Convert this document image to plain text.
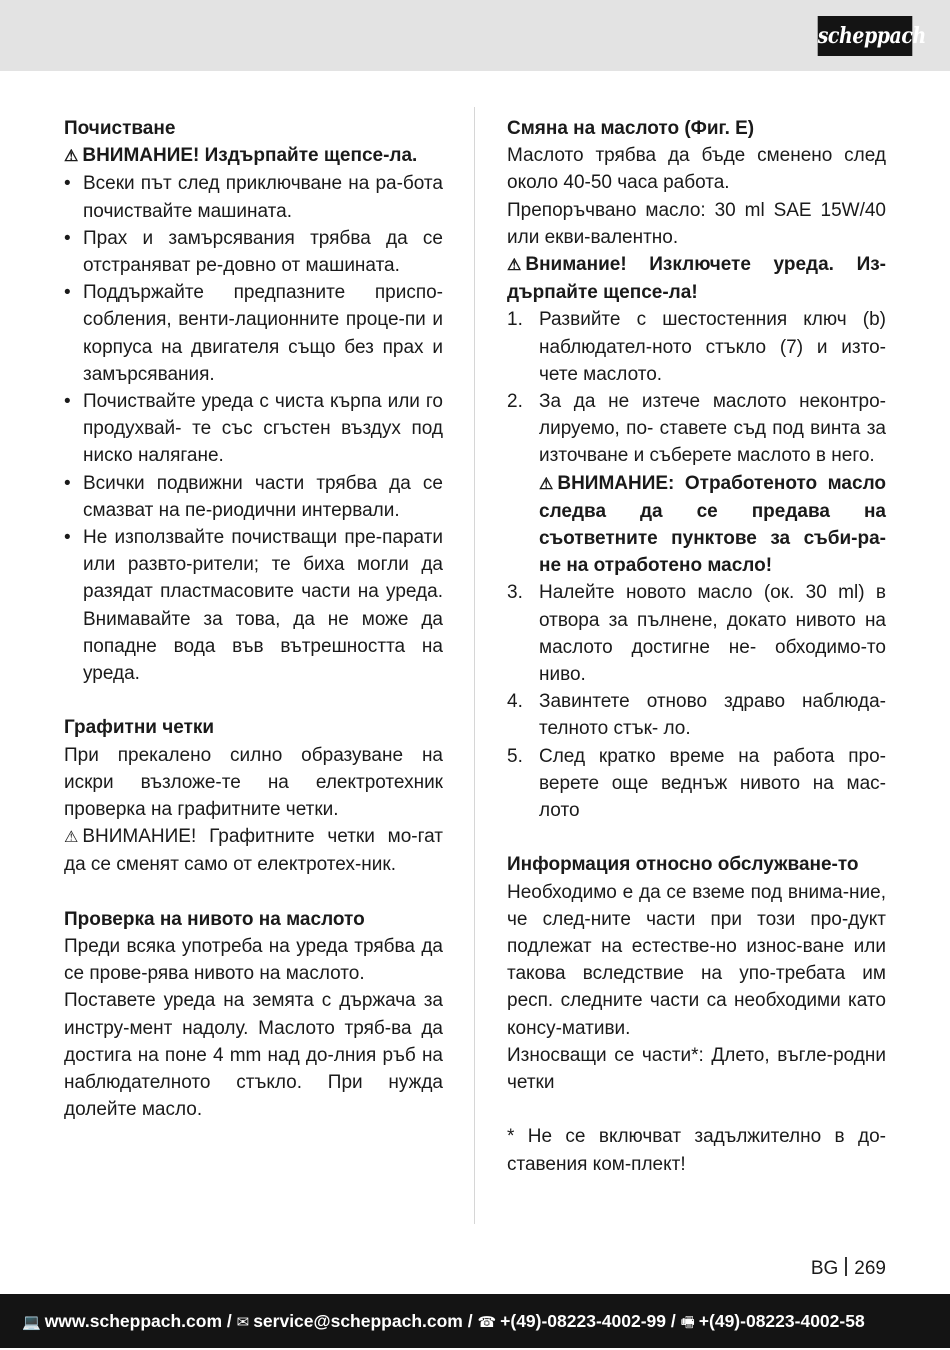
scheppach

Почистване

⚠ ВНИМАНИЕ! Издърпайте щепсе-ла.

• Всеки път след приключване на ра-бота почиствайте машината.
• Прах и замърсявания трябва да се отстраняват ре-довно от машината.
• Поддържайте предпазните приспо-собления, венти-лационните проце-пи и корпуса на двигателя също без прах и замърсявания.
• Почиствайте уреда с чиста кърпа или го продухвай- те със сгъстен въздух под ниско налягане.
• Всички подвижни части трябва да се смазват на пе-риодични интервали.
• Не използвайте почистващи пре-парати или развто-рители; те биха могли да разядат пластмасовите части на уреда. Внимавайте за това, да не може да попадне вода във вътрешността на уреда.

Графитни четки

При прекалено силно образуване на искри възложе-те на електротехник проверка на графитните четки.

⚠ ВНИМАНИЕ! Графитните четки мо-гат да се сменят само от електротех-ник.

Проверка на нивото на маслото

Преди всяка употреба на уреда трябва да се прове-рява нивото на маслото.

Поставете уреда на земята с държача за инстру-мент надолу. Маслото тряб-ва да достига на поне 4 mm над до-лния ръб на наблюдателното стъкло. При нужда долейте масло.

Смяна на маслото (Фиг. E)

Маслото трябва да бъде сменено след около 40-50 часа работа.

Препоръчвано масло: 30 ml SAE 15W/40 или екви-валентно.

⚠ Внимание! Изключете уреда. Из-дърпайте щепсе-ла!

1. Развийте с шестостенния ключ (b) наблюдател-ното стъкло (7) и изто-чете маслото.
2. За да не изтече маслото неконтро-лируемо, по- ставете съд под винта за източване и съберете маслото в него.

⚠ ВНИМАНИЕ: Отработеното масло следва да се предава на съответните пунктове за съби-ра- не на отработено масло!

3. Налейте новото масло (ок. 30 ml) в отвора за пълнене, докато нивото на маслото достигне не- обходимо-то ниво.
4. Завинтете отново здраво наблюда-телното стък- ло.
5. След кратко време на работа про-верете още веднъж нивото на мас-лото

Информация относно обслужване-то

Необходимо е да се вземе под внима-ние, че след-ните части при този про-дукт подлежат на естестве-но износ-ване или такова вследствие на упо-требата им респ. следните части са необходими като консу-мативи.

Износващи се части*: Длето, въгле-родни четки

* Не се включват задължително в до-ставения ком-плект!

BG 269
💻 www.scheppach.com / ✉ service@scheppach.com / ☎ +(49)-08223-4002-99 / 🖷 +(49)-08223-4002-58
